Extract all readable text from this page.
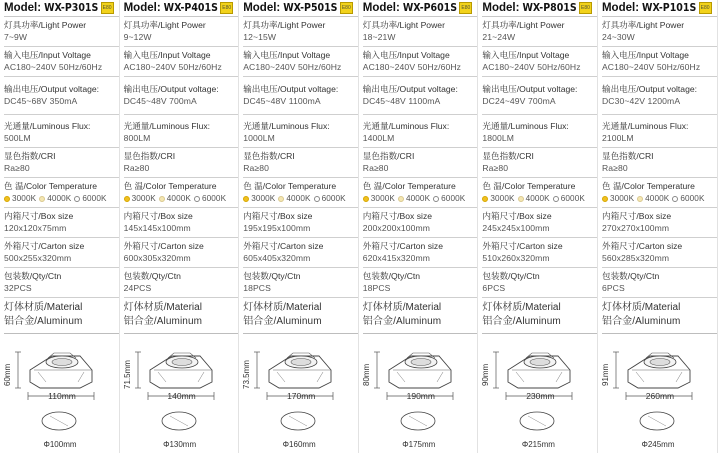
Model: WX-P301S E80
灯具功率/Light Power
7~9W
输入电压/Input Voltage
AC180~240V 50Hz/60Hz
输出电压/Output voltage:
DC45~68V 350mA
光通量/Luminous Flux:
500LM
显色指数/CRI
Ra≥80
色 温/Color Temperature
3000K 4000K 6000K
内箱尺寸/Box size
120x120x75mm
外箱尺寸/Carton size
500x255x320mm
包装数/Qty/Ctn
32PCS
灯体材质/Material
铝合金/Aluminum
60mm
110mm
Φ100mm
Model: WX-P401S E80
灯具功率/Light Power
9~12W
输入电压/Input Voltage
AC180~240V 50Hz/60Hz
输出电压/Output voltage:
DC45~48V 700mA
光通量/Luminous Flux:
800LM
显色指数/CRI
Ra≥80
色 温/Color Temperature
3000K 4000K 6000K
内箱尺寸/Box size
145x145x100mm
外箱尺寸/Carton size
600x305x320mm
包装数/Qty/Ctn
24PCS
灯体材质/Material
铝合金/Aluminum
71.5mm
140mm
Φ130mm
Model: WX-P501S E80
灯具功率/Light Power
12~15W
输入电压/Input Voltage
AC180~240V 50Hz/60Hz
输出电压/Output voltage:
DC45~48V 1100mA
光通量/Luminous Flux:
1000LM
显色指数/CRI
Ra≥80
色 温/Color Temperature
3000K 4000K 6000K
内箱尺寸/Box size
195x195x100mm
外箱尺寸/Carton size
605x405x320mm
包装数/Qty/Ctn
18PCS
灯体材质/Material
铝合金/Aluminum
73.5mm
170mm
Φ160mm
Model: WX-P601S E80
灯具功率/Light Power
18~21W
输入电压/Input Voltage
AC180~240V 50Hz/60Hz
输出电压/Output voltage:
DC45~48V 1100mA
光通量/Luminous Flux:
1400LM
显色指数/CRI
Ra≥80
色 温/Color Temperature
3000K 4000K 6000K
内箱尺寸/Box size
200x200x100mm
外箱尺寸/Carton size
620x415x320mm
包装数/Qty/Ctn
18PCS
灯体材质/Material
铝合金/Aluminum
80mm
190mm
Φ175mm
Model: WX-P801S E80
灯具功率/Light Power
21~24W
输入电压/Input Voltage
AC180~240V 50Hz/60Hz
输出电压/Output voltage:
DC24~49V 700mA
光通量/Luminous Flux:
1800LM
显色指数/CRI
Ra≥80
色 温/Color Temperature
3000K 4000K 6000K
内箱尺寸/Box size
245x245x100mm
外箱尺寸/Carton size
510x260x320mm
包装数/Qty/Ctn
6PCS
灯体材质/Material
铝合金/Aluminum
90mm
230mm
Φ215mm
Model: WX-P101S E80
灯具功率/Light Power
24~30W
输入电压/Input Voltage
AC180~240V 50Hz/60Hz
输出电压/Output voltage:
DC30~42V 1200mA
光通量/Luminous Flux:
2100LM
显色指数/CRI
Ra≥80
色 温/Color Temperature
3000K 4000K 6000K
内箱尺寸/Box size
270x270x100mm
外箱尺寸/Carton size
560x285x320mm
包装数/Qty/Ctn
6PCS
灯体材质/Material
铝合金/Aluminum
91mm
260mm
Φ245mm
